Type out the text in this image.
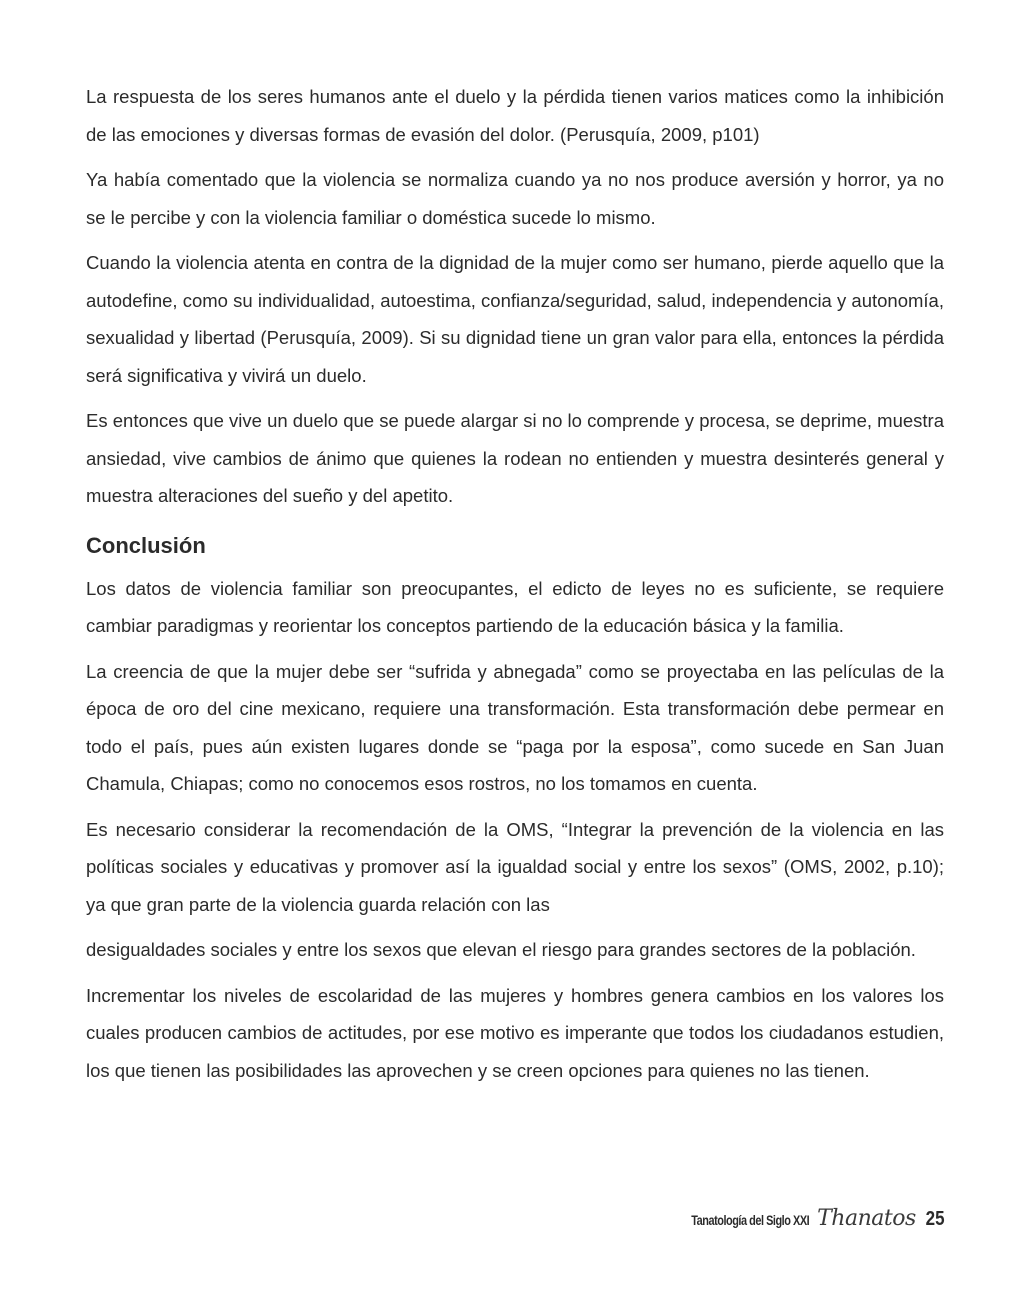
La respuesta de los seres humanos ante el duelo y la pérdida tienen varios matices como la inhibición de las emociones y diversas formas de evasión del dolor. (Perusquía, 2009, p101)

Ya había comentado que la violencia se normaliza cuando ya no nos produce aversión y horror, ya no se le percibe y con la violencia familiar o doméstica sucede lo mismo.

Cuando la violencia atenta en contra de la dignidad de la mujer como ser humano, pierde aquello que la autodefine, como su individualidad, autoestima, confianza/seguridad, salud, independencia y autonomía, sexualidad y libertad (Perusquía, 2009). Si su dignidad tiene un gran valor para ella, entonces la pérdida será significativa y vivirá un duelo.

Es entonces que vive un duelo que se puede alargar si no lo comprende y procesa, se deprime, muestra ansiedad, vive cambios de ánimo que quienes la rodean no entienden y muestra desinterés general y muestra alteraciones del sueño y del apetito.

Conclusión

Los datos de violencia familiar son preocupantes, el edicto de leyes no es suficiente, se requiere cambiar paradigmas y reorientar los conceptos partiendo de la educación básica y la familia.

La creencia de que la mujer debe ser “sufrida y abnegada” como se proyectaba en las películas de la época de oro del cine mexicano, requiere una transformación. Esta transformación debe permear en todo el país, pues aún existen lugares donde se “paga por la esposa”, como sucede en San Juan Chamula, Chiapas; como no conocemos esos rostros, no los tomamos en cuenta.

Es necesario considerar la recomendación de la OMS, “Integrar la prevención de la violencia en las políticas sociales y educativas y promover así la igualdad social y entre los sexos” (OMS, 2002, p.10); ya que gran parte de la violencia guarda relación con las

desigualdades sociales y entre los sexos que elevan el riesgo para grandes sectores de la población.

Incrementar los niveles de escolaridad de las mujeres y hombres genera cambios en los valores los cuales producen cambios de actitudes, por ese motivo es imperante que todos los ciudadanos estudien, los que tienen las posibilidades las aprovechen y se creen opciones para quienes no las tienen.

Tanatología del Siglo XXI Thanatos 25
